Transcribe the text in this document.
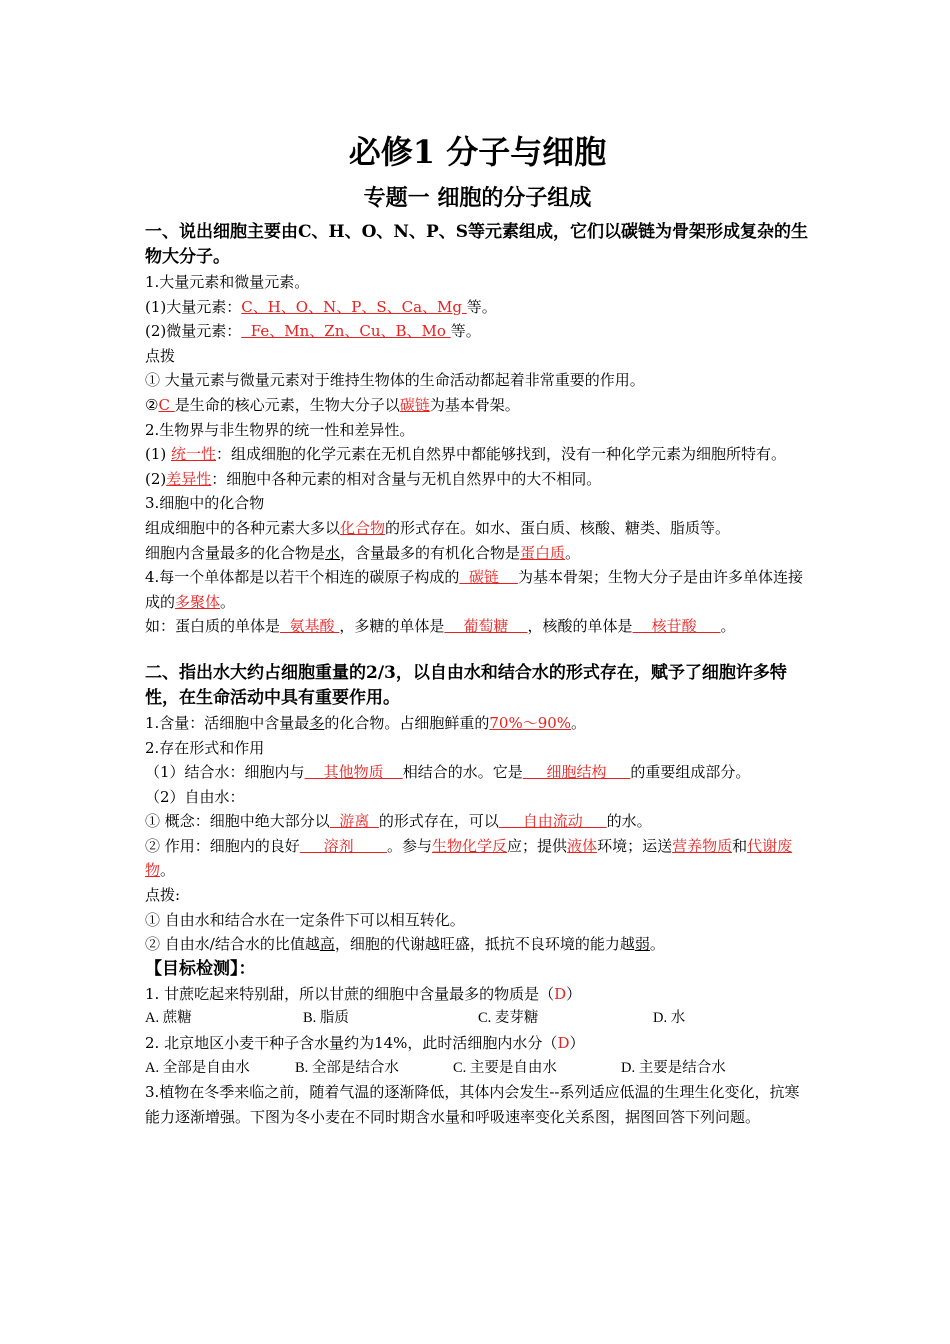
必修1 分子与细胞
专题一 细胞的分子组成

一、说出细胞主要由C、H、O、N、P、S等元素组成，它们以碳链为骨架形成复杂的生物大分子。

1.大量元素和微量元素。

(1)大量元素：C、H、O、N、P、S、Ca、Mg 等。

(2)微量元素：  Fe、Mn、Zn、Cu、B、Mo 等。

点拨

① 大量元素与微量元素对于维持生物体的生命活动都起着非常重要的作用。

②C 是生命的核心元素，生物大分子以碳链为基本骨架。

2.生物界与非生物界的统一性和差异性。

(1) 统一性：组成细胞的化学元素在无机自然界中都能够找到，没有一种化学元素为细胞所特有。

(2)差异性：细胞中各种元素的相对含量与无机自然界中的大不相同。

3.细胞中的化合物

组成细胞中的各种元素大多以化合物的形式存在。如水、蛋白质、核酸、糖类、脂质等。

细胞内含量最多的化合物是水，含量最多的有机化合物是蛋白质。

4.每一个单体都是以若干个相连的碳原子构成的  碳链    为基本骨架；生物大分子是由许多单体连接成的多聚体。

如：蛋白质的单体是  氨基酸 ，多糖的单体是    葡萄糖    ，核酸的单体是    核苷酸     。

二、指出水大约占细胞重量的2/3，以自由水和结合水的形式存在，赋予了细胞许多特性，在生命活动中具有重要作用。

1.含量：活细胞中含量最多的化合物。占细胞鲜重的70%～90%。

2.存在形式和作用

（1）结合水：细胞内与    其他物质    相结合的水。它是     细胞结构     的重要组成部分。

（2）自由水：

① 概念：细胞中绝大部分以  游离  的形式存在，可以     自由流动     的水。

② 作用：细胞内的良好     溶剂       。参与生物化学反应；提供液体环境；运送营养物质和代谢废物。

点拨:

① 自由水和结合水在一定条件下可以相互转化。

② 自由水/结合水的比值越高，细胞的代谢越旺盛，抵抗不良环境的能力越弱。

【目标检测】：

1. 甘蔗吃起来特别甜，所以甘蔗的细胞中含量最多的物质是（D）

A. 蔗糖	B. 脂质	C. 麦芽糖	D. 水

2. 北京地区小麦干种子含水量约为14%，此时活细胞内水分（D）

A. 全部是自由水	B. 全部是结合水	C. 主要是自由水	D. 主要是结合水

3.植物在冬季来临之前，随着气温的逐渐降低，其体内会发生--系列适应低温的生理生化变化，抗寒能力逐渐增强。下图为冬小麦在不同时期含水量和呼吸速率变化关系图，据图回答下列问题。
